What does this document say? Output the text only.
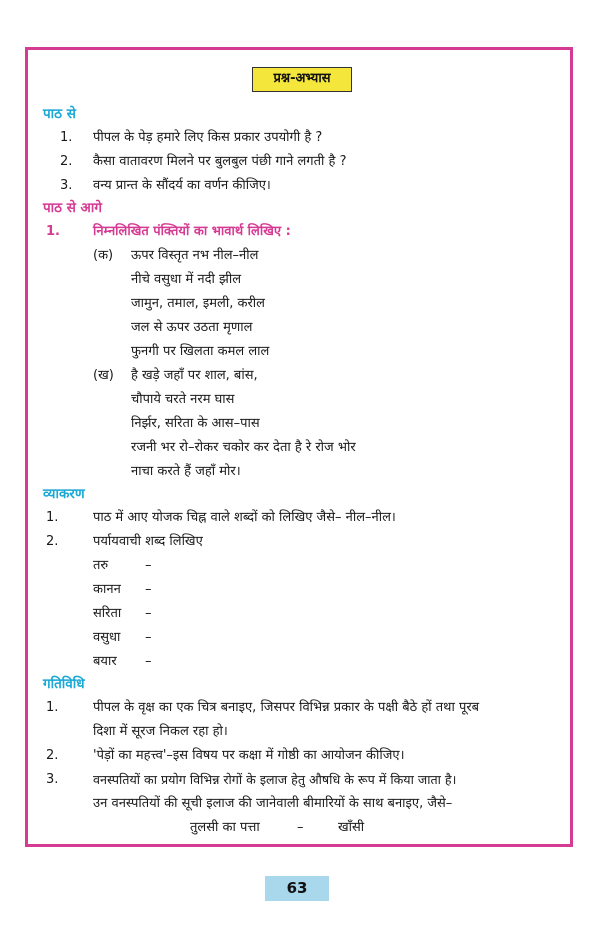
प्रश्न-अभ्यास
पाठ से
1. पीपल के पेड़ हमारे लिए किस प्रकार उपयोगी है ?
2. कैसा वातावरण मिलने पर बुलबुल पंछी गाने लगती है ?
3. वन्य प्रान्त के सौंदर्य का वर्णन कीजिए।
पाठ से आगे
1.	निम्नलिखित पंक्तियों का भावार्थ लिखिए :
(क) ऊपर विस्तृत नभ नील–नील
नीचे वसुधा में नदी झील
जामुन, तमाल, इमली, करील
जल से ऊपर उठता मृणाल
फुनगी पर खिलता कमल लाल
(ख) है खड़े जहाँ पर शाल, बांस,
चौपाये चरते नरम घास
निर्झर, सरिता के आस–पास
रजनी भर रो–रोकर चकोर कर देता है रे रोज भोर
नाचा करते हैं जहाँ मोर।
व्याकरण
1.	पाठ में आए योजक चिह्न वाले शब्दों को लिखिए जैसे– नील–नील।
2.	पर्यायवाची शब्द लिखिए
तरु	–
कानन –
सरिता –
वसुधा –
बयार –
गतिविधि
1.	पीपल के वृक्ष का एक चित्र बनाइए, जिसपर विभिन्न प्रकार के पक्षी बैठे हों तथा पूरब
दिशा में सूरज निकल रहा हो।
2.	'पेड़ों का महत्त्व'–इस विषय पर कक्षा में गोष्ठी का आयोजन कीजिए।
3.	वनस्पतियों का प्रयोग विभिन्न रोगों के इलाज हेतु औषधि के रूप में किया जाता है।
उन वनस्पतियों की सूची इलाज की जानेवाली बीमारियों के साथ बनाइए, जैसे–
तुलसी का पत्ता	–	खाँसी
63
